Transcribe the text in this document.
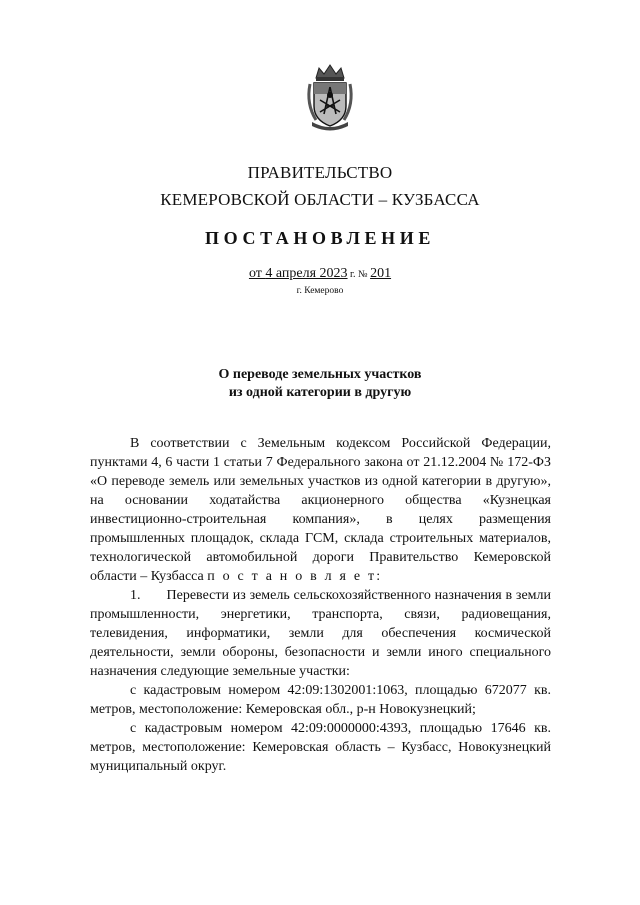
ПРАВИТЕЛЬСТВО
КЕМЕРОВСКОЙ ОБЛАСТИ – КУЗБАССА
ПОСТАНОВЛЕНИЕ
от 4 апреля 2023 г. № 201
г. Кемерово
О переводе земельных участков
из одной категории в другую
В соответствии с Земельным кодексом Российской Федерации, пунктами 4, 6 части 1 статьи 7 Федерального закона от 21.12.2004 № 172-ФЗ «О переводе земель или земельных участков из одной категории в другую», на основании ходатайства акционерного общества «Кузнецкая инвестиционно-строительная компания», в целях размещения промышленных площадок, склада ГСМ, склада строительных материалов, технологической автомобильной дороги Правительство Кемеровской области – Кузбасса п о с т а н о в л я е т:
1. Перевести из земель сельскохозяйственного назначения в земли промышленности, энергетики, транспорта, связи, радиовещания, телевидения, информатики, земли для обеспечения космической деятельности, земли обороны, безопасности и земли иного специального назначения следующие земельные участки:
с кадастровым номером 42:09:1302001:1063, площадью 672077 кв. метров, местоположение: Кемеровская обл., р-н Новокузнецкий;
с кадастровым номером 42:09:0000000:4393, площадью 17646 кв. метров, местоположение: Кемеровская область – Кузбасс, Новокузнецкий муниципальный округ.
